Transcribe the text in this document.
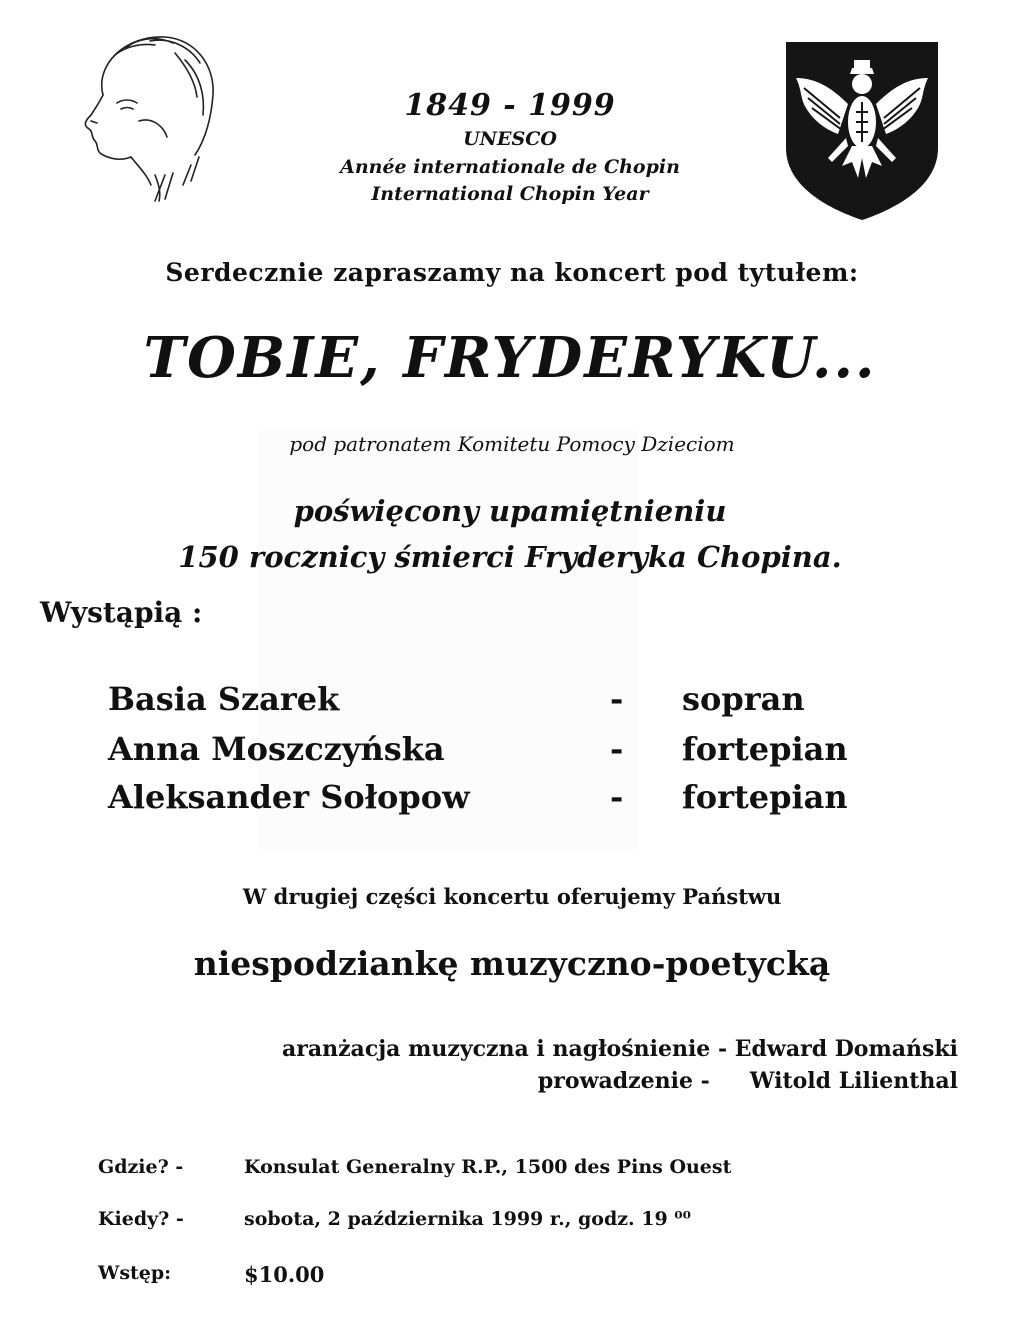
1849 - 1999
UNESCO
Année internationale de Chopin
International Chopin Year
Serdecznie zapraszamy na koncert pod tytułem:
TOBIE, FRYDERYKU...
pod patronatem Komitetu Pomocy Dzieciom
poświęcony upamiętnieniu
150 rocznicy śmierci Fryderyka Chopina.
Wystąpią :
Basia Szarek	- sopran
Anna Moszczyńska	- fortepian
Aleksander Sołopow	- fortepian
W drugiej części koncertu oferujemy Państwu
niespodziankę muzyczno-poetycką
aranżacja muzyczna i nagłośnienie - Edward Domański
prowadzenie - Witold Lilienthal
Gdzie? -	Konsulat Generalny R.P., 1500 des Pins Ouest
Kiedy? -	sobota, 2 października 1999 r., godz. 19 ⁰⁰
Wstęp:	$10.00
